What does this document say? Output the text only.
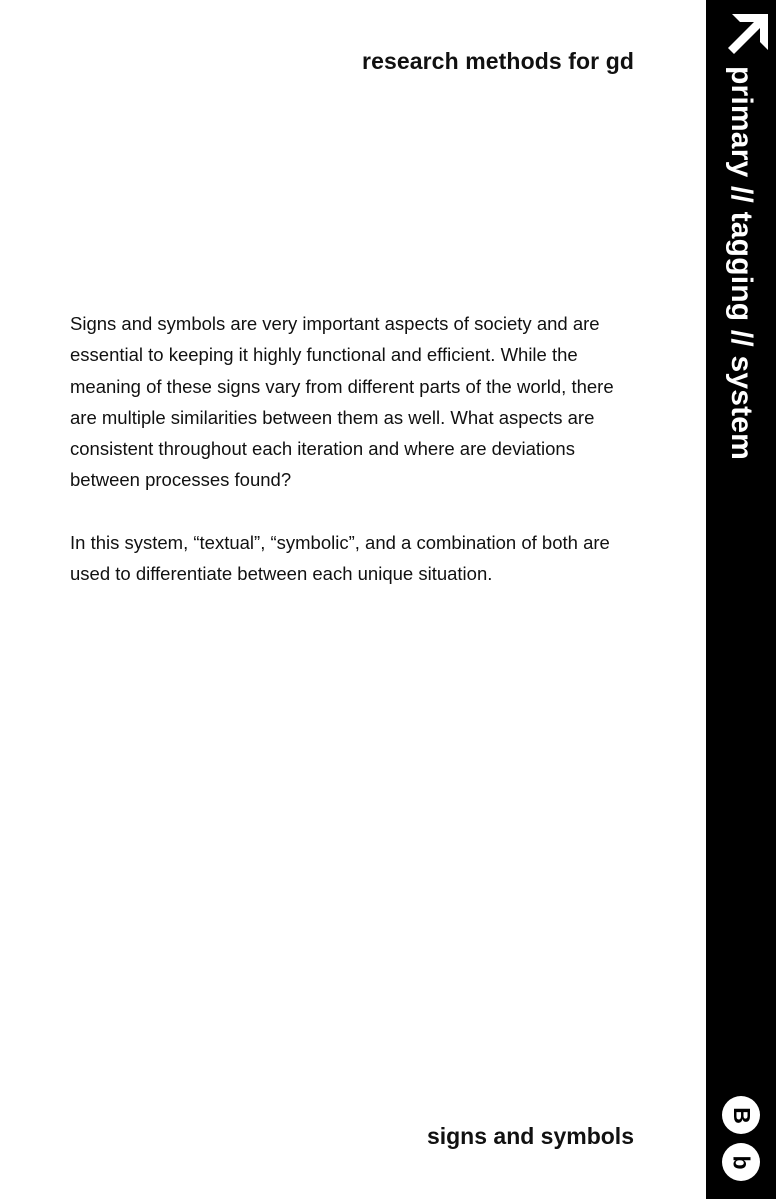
research methods for gd

Signs and symbols are very important aspects of society and are essential to keeping it highly functional and efficient. While the meaning of these signs vary from different parts of the world, there are multiple similarities between them as well. What aspects are consistent throughout each iteration and where are deviations between processes found?

In this system, “textual”, “symbolic”, and a combination of both are used to differentiate between each unique situation.

signs and symbols
primary // tagging // system
B
b
